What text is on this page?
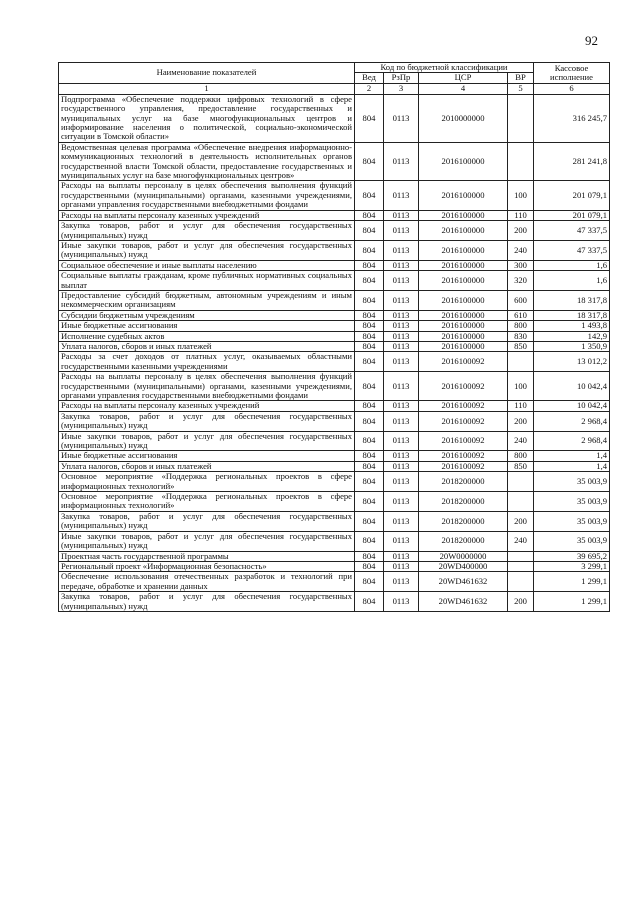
92
Наименование показателей	Код по бюджетной классификации				Кассовое исполнение
	Вед	РзПр	ЦСР	ВР	
1	2	3	4	5	6
Подпрограмма «Обеспечение поддержки цифровых технологий в сфере государственного управления, предоставление государственных и муниципальных услуг на базе многофункциональных центров и информирование населения о политической, социально-экономической ситуации в Томской области»	804	0113	2010000000		316 245,7
Ведомственная целевая программа «Обеспечение внедрения информационно-коммуникационных технологий в деятельность исполнительных органов государственной власти Томской области, предоставление государственных и муниципальных услуг на базе многофункциональных центров»	804	0113	2016100000		281 241,8
Расходы на выплаты персоналу в целях обеспечения выполнения функций государственными (муниципальными) органами, казенными учреждениями, органами управления государственными внебюджетными фондами	804	0113	2016100000	100	201 079,1
Расходы на выплаты персоналу казенных учреждений	804	0113	2016100000	110	201 079,1
Закупка товаров, работ и услуг для обеспечения государственных (муниципальных) нужд	804	0113	2016100000	200	47 337,5
Иные закупки товаров, работ и услуг для обеспечения государственных (муниципальных) нужд	804	0113	2016100000	240	47 337,5
Социальное обеспечение и иные выплаты населению	804	0113	2016100000	300	1,6
Социальные выплаты гражданам, кроме публичных нормативных социальных выплат	804	0113	2016100000	320	1,6
Предоставление субсидий бюджетным, автономным учреждениям и иным некоммерческим организациям	804	0113	2016100000	600	18 317,8
Субсидии бюджетным учреждениям	804	0113	2016100000	610	18 317,8
Иные бюджетные ассигнования	804	0113	2016100000	800	1 493,8
Исполнение судебных актов	804	0113	2016100000	830	142,9
Уплата налогов, сборов и иных платежей	804	0113	2016100000	850	1 350,9
Расходы за счет доходов от платных услуг, оказываемых областными государственными казенными учреждениями	804	0113	2016100092		13 012,2
Расходы на выплаты персоналу в целях обеспечения выполнения функций государственными (муниципальными) органами, казенными учреждениями, органами управления государственными внебюджетными фондами	804	0113	2016100092	100	10 042,4
Расходы на выплаты персоналу казенных учреждений	804	0113	2016100092	110	10 042,4
Закупка товаров, работ и услуг для обеспечения государственных (муниципальных) нужд	804	0113	2016100092	200	2 968,4
Иные закупки товаров, работ и услуг для обеспечения государственных (муниципальных) нужд	804	0113	2016100092	240	2 968,4
Иные бюджетные ассигнования	804	0113	2016100092	800	1,4
Уплата налогов, сборов и иных платежей	804	0113	2016100092	850	1,4
Основное мероприятие «Поддержка региональных проектов в сфере информационных технологий»	804	0113	2018200000		35 003,9
Основное мероприятие «Поддержка региональных проектов в сфере информационных технологий»	804	0113	2018200000		35 003,9
Закупка товаров, работ и услуг для обеспечения государственных (муниципальных) нужд	804	0113	2018200000	200	35 003,9
Иные закупки товаров, работ и услуг для обеспечения государственных (муниципальных) нужд	804	0113	2018200000	240	35 003,9
Проектная часть государственной программы	804	0113	20W0000000		39 695,2
Региональный проект «Информационная безопасность»	804	0113	20WD400000		3 299,1
Обеспечение использования отечественных разработок и технологий при передаче, обработке и хранении данных	804	0113	20WD461632		1 299,1
Закупка товаров, работ и услуг для обеспечения государственных (муниципальных) нужд	804	0113	20WD461632	200	1 299,1
